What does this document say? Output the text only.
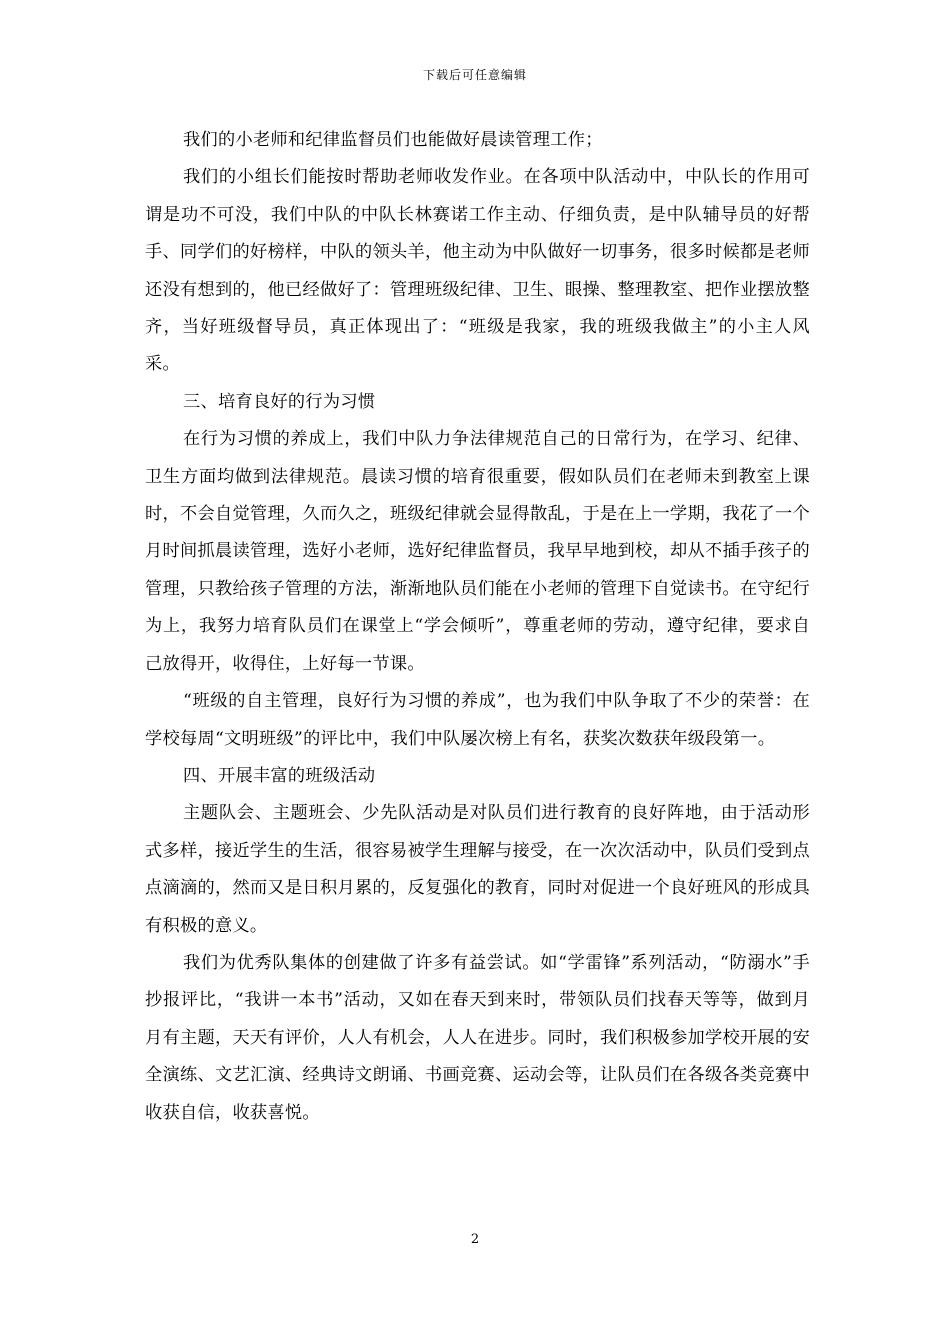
下载后可任意编辑

我们的小老师和纪律监督员们也能做好晨读管理工作；

我们的小组长们能按时帮助老师收发作业。在各项中队活动中，中队长的作用可谓是功不可没，我们中队的中队长林赛诺工作主动、仔细负责，是中队辅导员的好帮手、同学们的好榜样，中队的领头羊，他主动为中队做好一切事务，很多时候都是老师还没有想到的，他已经做好了：管理班级纪律、卫生、眼操、整理教室、把作业摆放整齐，当好班级督导员，真正体现出了：“班级是我家，我的班级我做主”的小主人风采。

三、培育良好的行为习惯

在行为习惯的养成上，我们中队力争法律规范自己的日常行为，在学习、纪律、卫生方面均做到法律规范。晨读习惯的培育很重要，假如队员们在老师未到教室上课时，不会自觉管理，久而久之，班级纪律就会显得散乱，于是在上一学期，我花了一个月时间抓晨读管理，选好小老师，选好纪律监督员，我早早地到校，却从不插手孩子的管理，只教给孩子管理的方法，渐渐地队员们能在小老师的管理下自觉读书。在守纪行为上，我努力培育队员们在课堂上“学会倾听”，尊重老师的劳动，遵守纪律，要求自己放得开，收得住，上好每一节课。

“班级的自主管理，良好行为习惯的养成”，也为我们中队争取了不少的荣誉：在学校每周“文明班级”的评比中，我们中队屡次榜上有名，获奖次数获年级段第一。

四、开展丰富的班级活动

主题队会、主题班会、少先队活动是对队员们进行教育的良好阵地，由于活动形式多样，接近学生的生活，很容易被学生理解与接受，在一次次活动中，队员们受到点点滴滴的，然而又是日积月累的，反复强化的教育，同时对促进一个良好班风的形成具有积极的意义。

我们为优秀队集体的创建做了许多有益尝试。如“学雷锋”系列活动，“防溺水”手抄报评比，“我讲一本书”活动，又如在春天到来时，带领队员们找春天等等，做到月月有主题，天天有评价，人人有机会，人人在进步。同时，我们积极参加学校开展的安全演练、文艺汇演、经典诗文朗诵、书画竞赛、运动会等，让队员们在各级各类竞赛中收获自信，收获喜悦。

2
